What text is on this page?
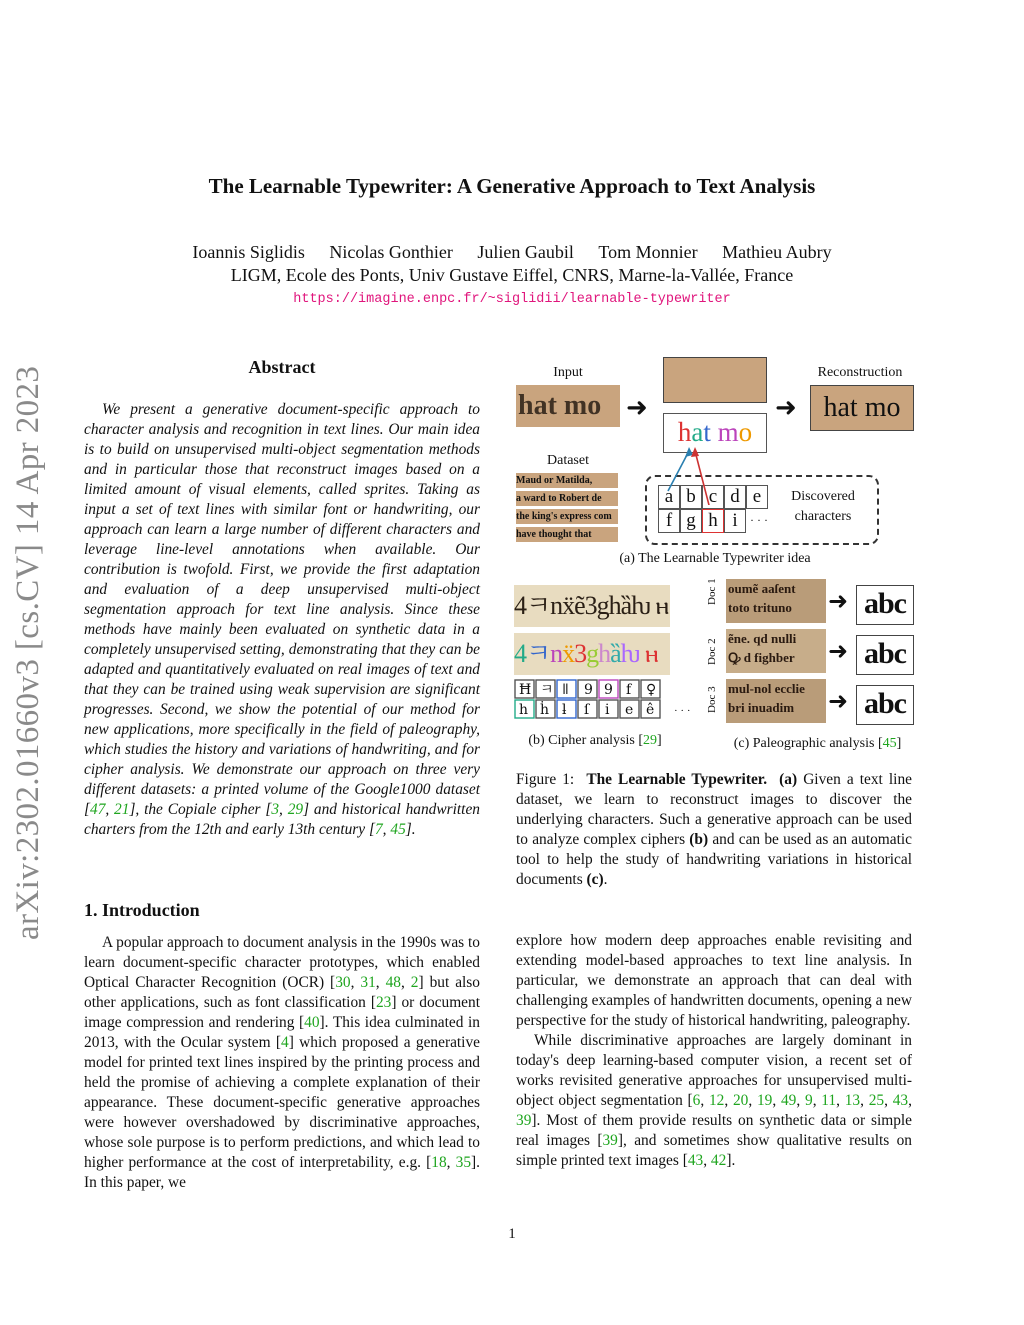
arXiv:2302.01660v3 [cs.CV] 14 Apr 2023
The Learnable Typewriter: A Generative Approach to Text Analysis
Ioannis Siglidis Nicolas Gonthier Julien Gaubil Tom Monnier Mathieu Aubry
LIGM, Ecole des Ponts, Univ Gustave Eiffel, CNRS, Marne-la-Vallée, France
https://imagine.enpc.fr/~siglidii/learnable-typewriter
Abstract
We present a generative document-specific approach to character analysis and recognition in text lines. Our main idea is to build on unsupervised multi-object segmentation methods and in particular those that reconstruct images based on a limited amount of visual elements, called sprites. Taking as input a set of text lines with similar font or handwriting, our approach can learn a large number of different characters and leverage line-level annotations when available. Our contribution is twofold. First, we provide the first adaptation and evaluation of a deep unsupervised multi-object segmentation approach for text line analysis. Since these methods have mainly been evaluated on synthetic data in a completely unsupervised setting, demonstrating that they can be adapted and quantitatively evaluated on real images of text and that they can be trained using weak supervision are significant progresses. Second, we show the potential of our method for new applications, more specifically in the field of paleography, which studies the history and variations of handwriting, and for cipher analysis. We demonstrate our approach on three very different datasets: a printed volume of the Google1000 dataset [47, 21], the Copiale cipher [3, 29] and historical handwritten charters from the 12th and early 13th century [7, 45].
1. Introduction
A popular approach to document analysis in the 1990s was to learn document-specific character prototypes, which enabled Optical Character Recognition (OCR) [30, 31, 48, 2] but also other applications, such as font classification [23] or document image compression and rendering [40]. This idea culminated in 2013, with the Ocular system [4] which proposed a generative model for printed text lines inspired by the printing process and held the promise of achieving a complete explanation of their appearance. These document-specific generative approaches were however overshadowed by discriminative approaches, whose sole purpose is to perform predictions, and which lead to higher performance at the cost of interpretability, e.g. [18, 35]. In this paper, we
Input
hat mo ➜
hat mo
➜
Reconstruction
hat mo
Dataset
Maud or Matilda,
a ward to Robert de
the king's express com
have thought that
a b c d e
f g h i	· · ·
Discovered characters
(a) The Learnable Typewriter idea
4ㅋnẍẽ3ghȁƕ ⲏ
4ㅋnẍ3ghȁƕ ⲏ
Ħ ㅋ ǁ 9 9 f ♀
h ḣ ƚ ſ i e ê · · ·
(b) Cipher analysis [29]
Doc 1
Doc 2
Doc 3
oumẽ aaſent
toto trituno
ẽne. qd nulli
Ꝙ d fighber
mul-nol ecclie
bri inuadim
➜
➜
➜
abc
abc
abc
(c) Paleographic analysis [45]
Figure 1: The Learnable Typewriter. (a) Given a text line dataset, we learn to reconstruct images to discover the underlying characters. Such a generative approach can be used to analyze complex ciphers (b) and can be used as an automatic tool to help the study of handwriting variations in historical documents (c).

explore how modern deep approaches enable revisiting and extending model-based approaches to text line analysis. In particular, we demonstrate an approach that can deal with challenging examples of handwritten documents, opening a new perspective for the study of historical handwriting, paleography.

While discriminative approaches are largely dominant in today's deep learning-based computer vision, a recent set of works revisited generative approaches for unsupervised multi-object object segmentation [6, 12, 20, 19, 49, 9, 11, 13, 25, 43, 39]. Most of them provide results on synthetic data or simple real images [39], and sometimes show qualitative results on simple printed text images [43, 42].

1
